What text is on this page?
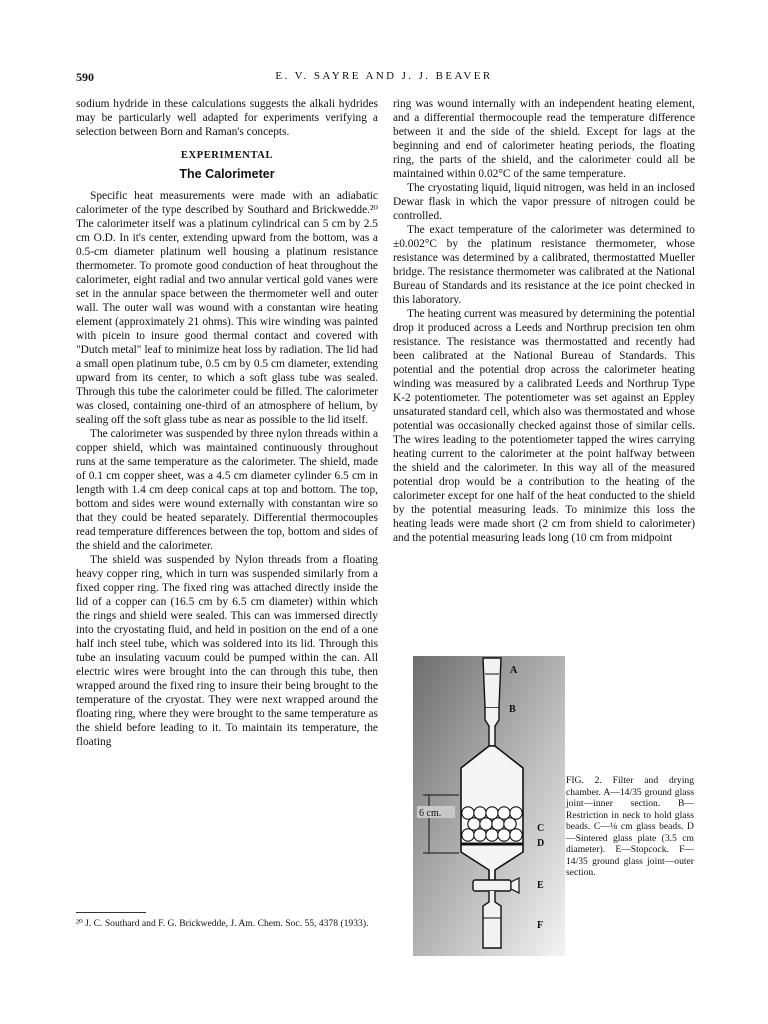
590	E. V. SAYRE AND J. J. BEAVER

sodium hydride in these calculations suggests the alkali hydrides may be particularly well adapted for experiments verifying a selection between Born and Raman's concepts.

EXPERIMENTAL
The Calorimeter

Specific heat measurements were made with an adiabatic calorimeter of the type described by Southard and Brickwedde.²⁰ The calorimeter itself was a platinum cylindrical can 5 cm by 2.5 cm O.D. In it's center, extending upward from the bottom, was a 0.5-cm diameter platinum well housing a platinum resistance thermometer. To promote good conduction of heat throughout the calorimeter, eight radial and two annular vertical gold vanes were set in the annular space between the thermometer well and outer wall. The outer wall was wound with a constantan wire heating element (approximately 21 ohms). This wire winding was painted with picein to insure good thermal contact and covered with "Dutch metal" leaf to minimize heat loss by radiation. The lid had a small open platinum tube, 0.5 cm by 0.5 cm diameter, extending upward from its center, to which a soft glass tube was sealed. Through this tube the calorimeter could be filled. The calorimeter was closed, containing one-third of an atmosphere of helium, by sealing off the soft glass tube as near as possible to the lid itself.

The calorimeter was suspended by three nylon threads within a copper shield, which was maintained continuously throughout runs at the same temperature as the calorimeter. The shield, made of 0.1 cm copper sheet, was a 4.5 cm diameter cylinder 6.5 cm in length with 1.4 cm deep conical caps at top and bottom. The top, bottom and sides were wound externally with constantan wire so that they could be heated separately. Differential thermocouples read temperature differences between the top, bottom and sides of the shield and the calorimeter.

The shield was suspended by Nylon threads from a floating heavy copper ring, which in turn was suspended similarly from a fixed copper ring. The fixed ring was attached directly inside the lid of a copper can (16.5 cm by 6.5 cm diameter) within which the rings and shield were sealed. This can was immersed directly into the cryostating fluid, and held in position on the end of a one half inch steel tube, which was soldered into its lid. Through this tube an insulating vacuum could be pumped within the can. All electric wires were brought into the can through this tube, then wrapped around the fixed ring to insure their being brought to the temperature of the cryostat. They were next wrapped around the floating ring, where they were brought to the same temperature as the shield before leading to it. To maintain its temperature, the floating

ring was wound internally with an independent heating element, and a differential thermocouple read the temperature difference between it and the side of the shield. Except for lags at the beginning and end of calorimeter heating periods, the floating ring, the parts of the shield, and the calorimeter could all be maintained within 0.02°C of the same temperature.

The cryostating liquid, liquid nitrogen, was held in an inclosed Dewar flask in which the vapor pressure of nitrogen could be controlled.

The exact temperature of the calorimeter was determined to ±0.002°C by the platinum resistance thermometer, whose resistance was determined by a calibrated, thermostatted Mueller bridge. The resistance thermometer was calibrated at the National Bureau of Standards and its resistance at the ice point checked in this laboratory.

The heating current was measured by determining the potential drop it produced across a Leeds and Northrup precision ten ohm resistance. The resistance was thermostatted and recently had been calibrated at the National Bureau of Standards. This potential and the potential drop across the calorimeter heating winding was measured by a calibrated Leeds and Northrup Type K-2 potentiometer. The potentiometer was set against an Eppley unsaturated standard cell, which also was thermostated and whose potential was occasionally checked against those of similar cells. The wires leading to the potentiometer tapped the wires carrying heating current to the calorimeter at the point halfway between the shield and the calorimeter. In this way all of the measured potential drop would be a contribution to the heating of the calorimeter except for one half of the heat conducted to the shield by the potential measuring leads. To minimize this loss the heating leads were made short (2 cm from shield to calorimeter) and the potential measuring leads long (10 cm from midpoint

6 cm.
A
B
C
D
E
F
FIG. 2. Filter and drying chamber. A—14/35 ground glass joint—inner section. B—Restriction in neck to hold glass beads. C—⅛ cm glass beads. D—Sintered glass plate (3.5 cm diameter). E—Stopcock. F—14/35 ground glass joint—outer section.
²⁰ J. C. Southard and F. G. Brickwedde, J. Am. Chem. Soc. 55, 4378 (1933).
